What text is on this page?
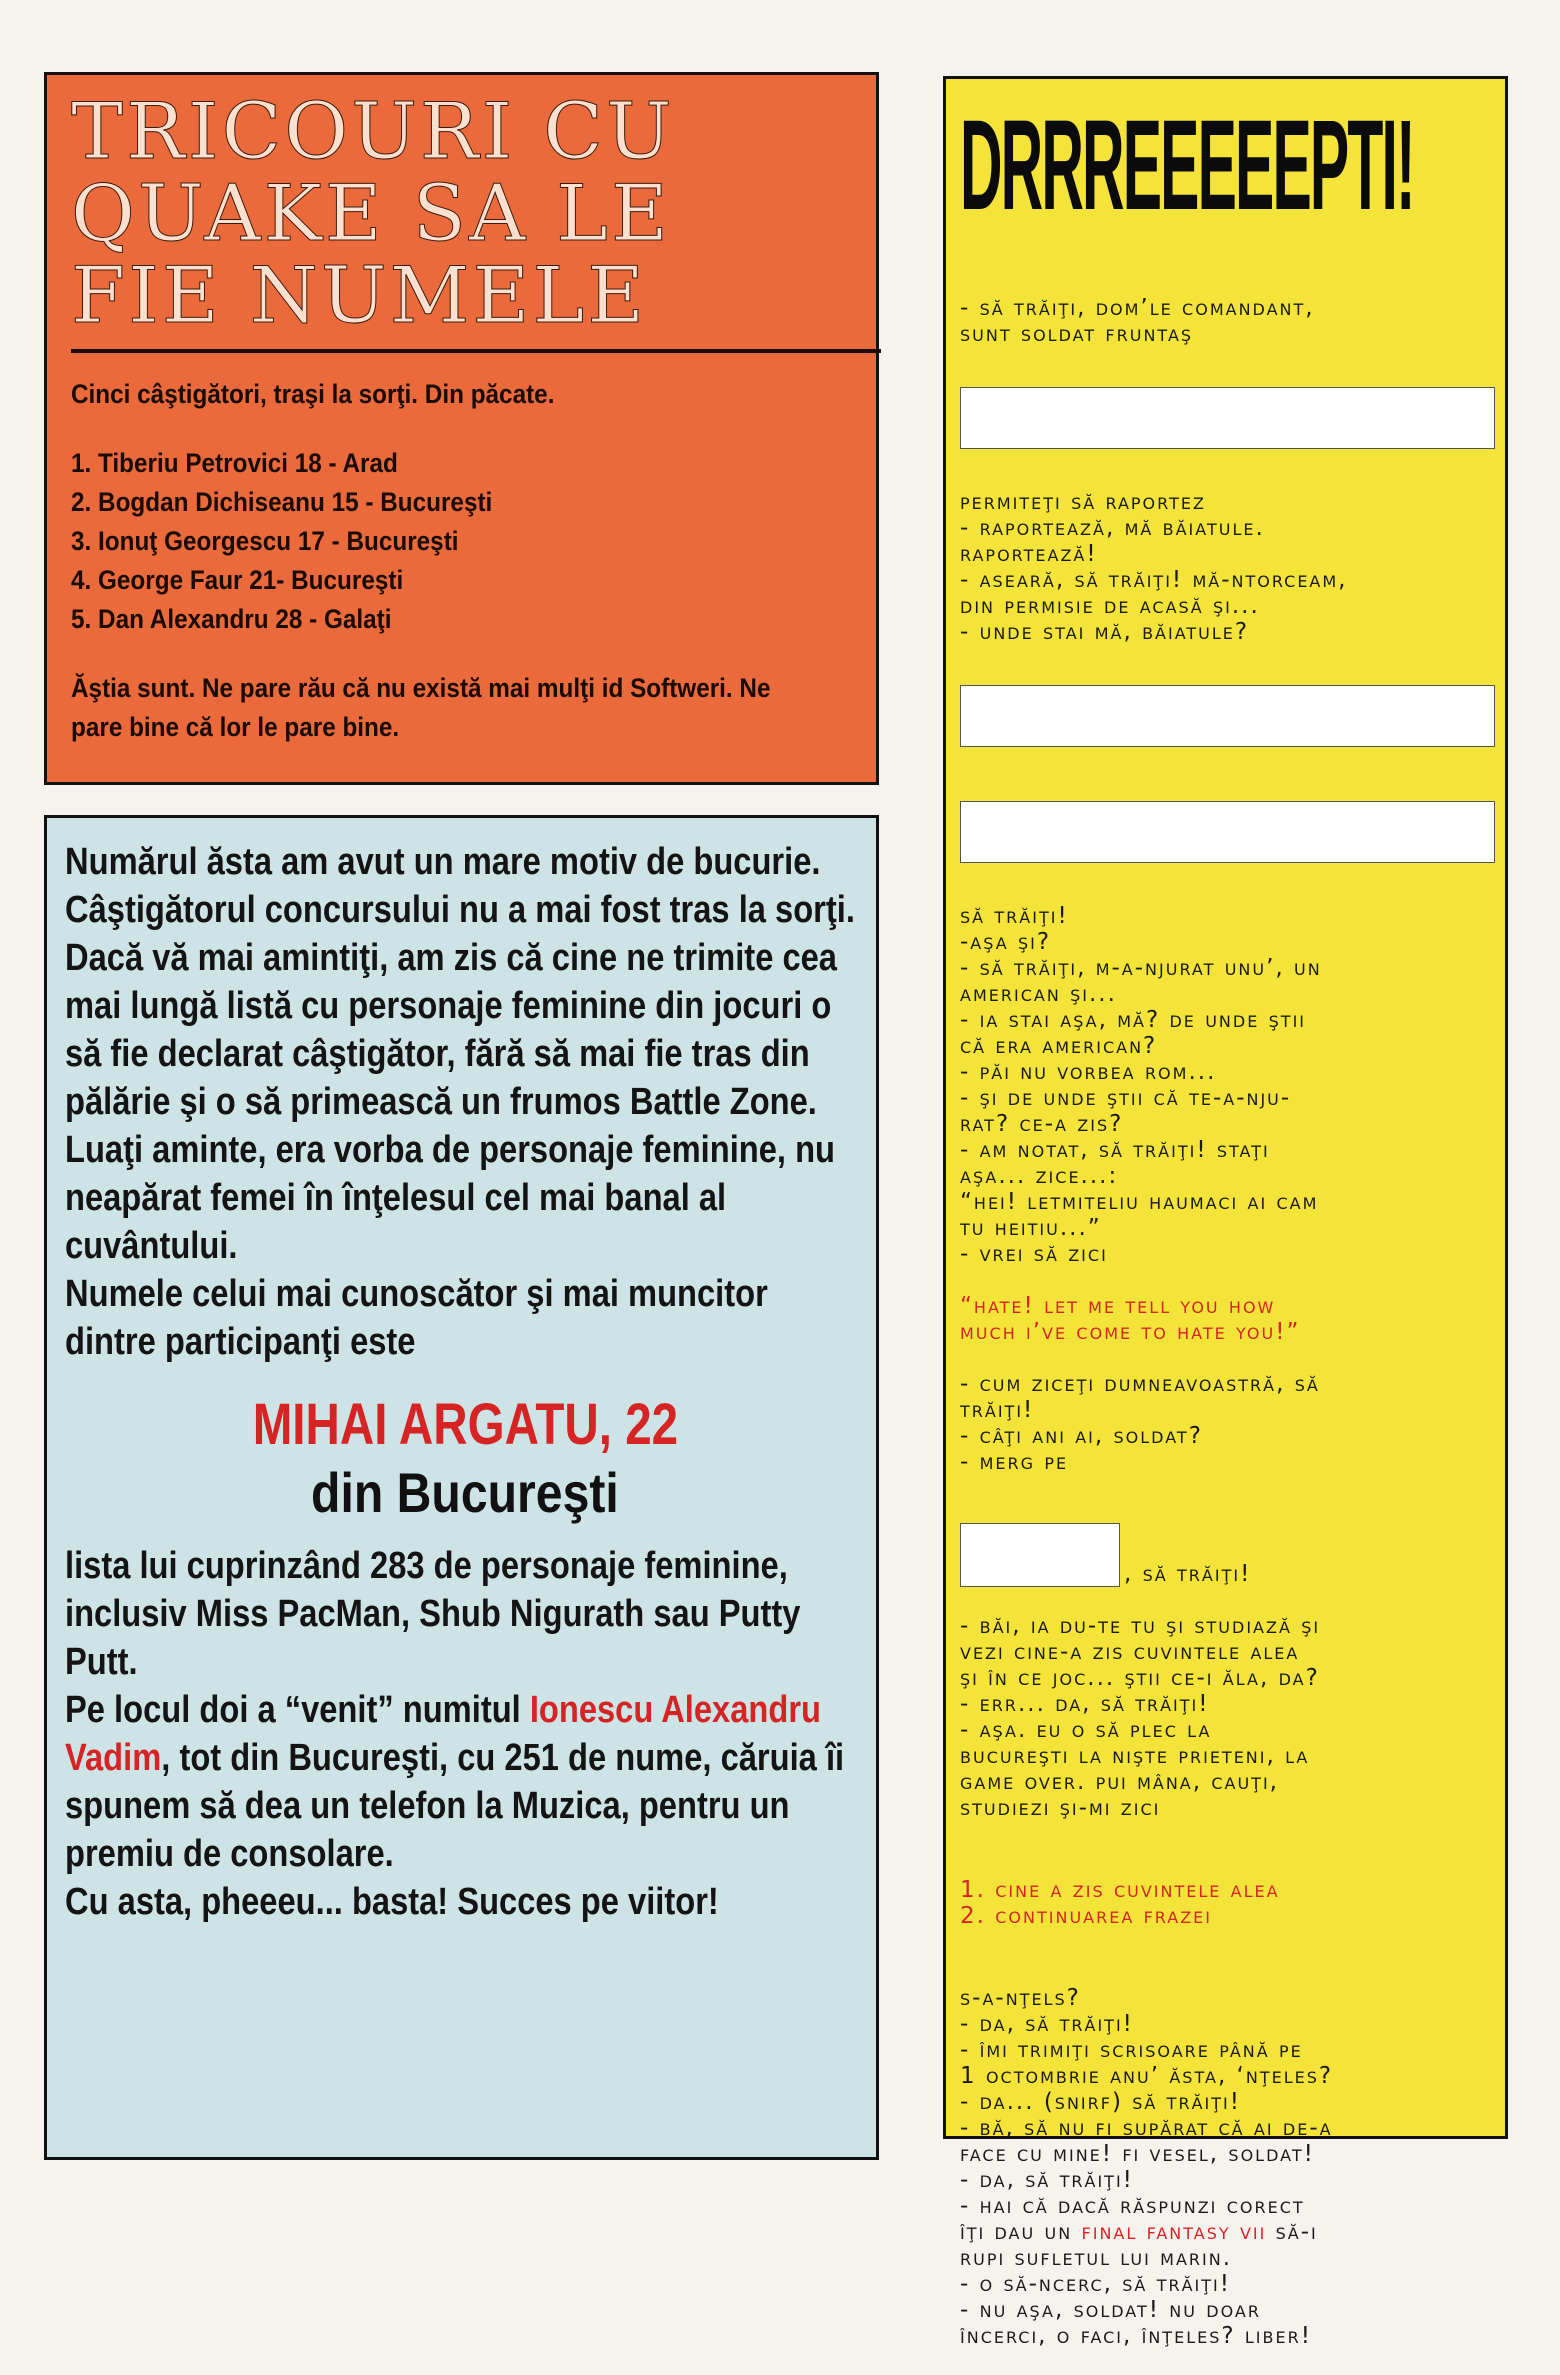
TRICOURI CU
QUAKE SA LE
FIE NUMELE
Cinci câştigători, traşi la sorţi. Din păcate.
1. Tiberiu Petrovici 18 - Arad
2. Bogdan Dichiseanu 15 - Bucureşti
3. Ionuţ Georgescu 17 - Bucureşti
4. George Faur 21- Bucureşti
5. Dan Alexandru 28 - Galaţi
Ăştia sunt. Ne pare rău că nu există mai mulţi id Softweri. Ne pare bine că lor le pare bine.
Numărul ăsta am avut un mare motiv de bucurie. Câştigătorul concursului nu a mai fost tras la sorţi. Dacă vă mai amintiţi, am zis că cine ne trimite cea mai lungă listă cu personaje feminine din jocuri o să fie declarat câştigător, fără să mai fie tras din pălărie şi o să primească un frumos Battle Zone.
Luaţi aminte, era vorba de personaje feminine, nu neapărat femei în înţelesul cel mai banal al cuvântului.
Numele celui mai cunoscător şi mai muncitor dintre participanţi este
MIHAI ARGATU, 22
din Bucureşti
lista lui cuprinzând 283 de personaje feminine, inclusiv Miss PacMan, Shub Nigurath sau Putty Putt.
Pe locul doi a “venit” numitul Ionescu Alexandru Vadim, tot din Bucureşti, cu 251 de nume, căruia îi spunem să dea un telefon la Muzica, pentru un premiu de consolare.
Cu asta, pheeeu... basta! Succes pe viitor!
DRRREEEEEPTI!

- să trăiţi, dom’le comandant,
sunt soldat fruntaş

permiteţi să raportez
- raportează, mă băiatule.
raportează!
- aseară, să trăiţi! mă-ntorceam,
din permisie de acasă şi...
- unde stai mă, băiatule?

să trăiţi!
-aşa şi?
- să trăiţi, m-a-njurat unu’, un
american şi...
- ia stai aşa, mă? de unde ştii
că era american?
- păi nu vorbea rom...
- şi de unde ştii că te-a-nju-
rat? ce-a zis?
- am notat, să trăiţi! staţi
aşa... zice...:
“hei! letmiteliu haumaci ai cam
tu heitiu...”
- vrei să zici

“hate! let me tell you how
much i’ve come to hate you!”

- cum ziceţi dumneavoastră, să
trăiţi!
- câţi ani ai, soldat?
- merg pe

, să trăiţi!

- băi, ia du-te tu şi studiază şi
vezi cine-a zis cuvintele alea
şi în ce joc... ştii ce-i ăla, da?
- err... da, să trăiţi!
- aşa. eu o să plec la
bucureşti la nişte prieteni, la
game over. pui mâna, cauţi,
studiezi şi-mi zici

1. cine a zis cuvintele alea
2. continuarea frazei

s-a-nţels?
- da, să trăiţi!
- îmi trimiţi scrisoare până pe
1 octombrie anu’ ăsta, ‘nţeles?
- da... (snirf) să trăiţi!
- bă, să nu fi supărat că ai de-a
face cu mine! fi vesel, soldat!
- da, să trăiţi!
- hai că dacă răspunzi corect
îţi dau un final fantasy vii să-i
rupi sufletul lui marin.
- o să-ncerc, să trăiţi!
- nu aşa, soldat! nu doar
încerci, o faci, înţeles? liber!
